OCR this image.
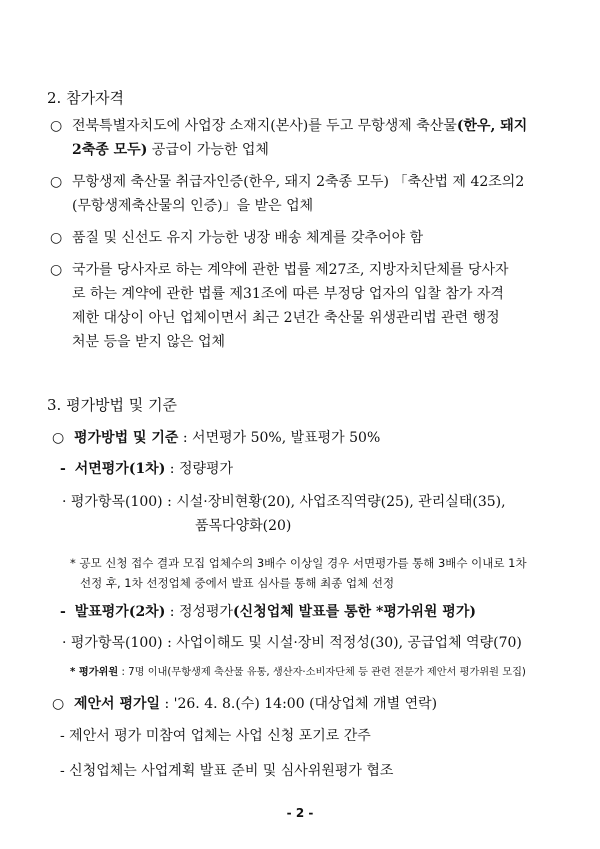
2. 참가자격
○ 전북특별자치도에 사업장 소재지(본사)를 두고 무항생제 축산물(한우, 돼지
2축종 모두) 공급이 가능한 업체
○ 무항생제 축산물 취급자인증(한우, 돼지 2축종 모두) 「축산법 제 42조의2
(무항생제축산물의 인증)」을 받은 업체
○ 품질 및 신선도 유지 가능한 냉장 배송 체계를 갖추어야 함
○ 국가를 당사자로 하는 계약에 관한 법률 제27조, 지방자치단체를 당사자
로 하는 계약에 관한 법률 제31조에 따른 부정당 업자의 입찰 참가 자격
제한 대상이 아닌 업체이면서 최근 2년간 축산물 위생관리법 관련 행정
처분 등을 받지 않은 업체
3. 평가방법 및 기준
○ 평가방법 및 기준 : 서면평가 50%, 발표평가 50%
- 서면평가(1차) : 정량평가
· 평가항목(100) : 시설·장비현황(20), 사업조직역량(25), 관리실태(35),
품목다양화(20)
* 공모 신청 접수 결과 모집 업체수의 3배수 이상일 경우 서면평가를 통해 3배수 이내로 1차
선정 후, 1차 선정업체 중에서 발표 심사를 통해 최종 업체 선정
- 발표평가(2차) : 정성평가(신청업체 발표를 통한 *평가위원 평가)
· 평가항목(100) : 사업이해도 및 시설·장비 적정성(30), 공급업체 역량(70)
* 평가위원 : 7명 이내(무항생제 축산물 유통, 생산자·소비자단체 등 관련 전문가 제안서 평가위원 모집)
○ 제안서 평가일 : '26. 4. 8.(수) 14:00 (대상업체 개별 연락)
- 제안서 평가 미참여 업체는 사업 신청 포기로 간주
- 신청업체는 사업계획 발표 준비 및 심사위원평가 협조
- 2 -
